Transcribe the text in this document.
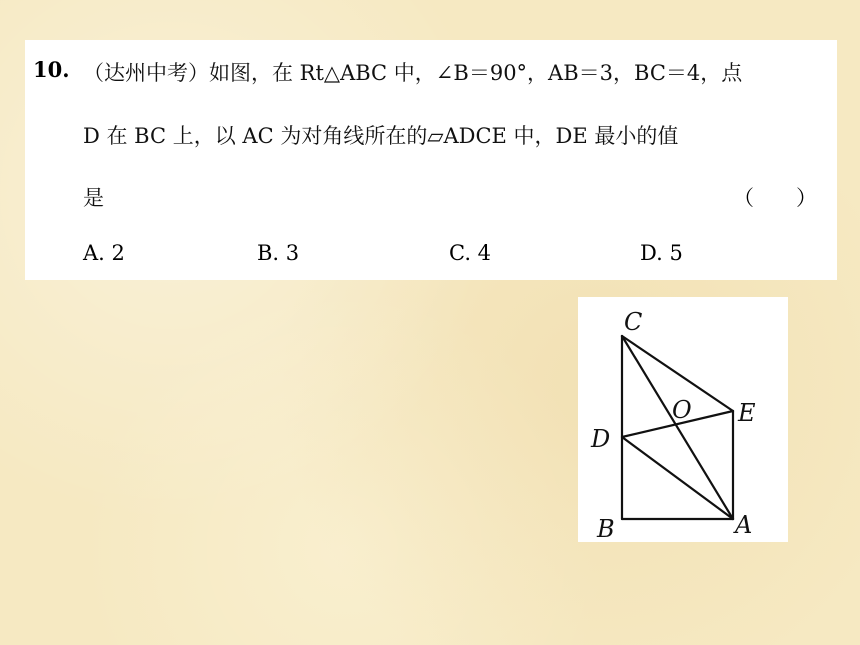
10. （达州中考）如图，在 Rt△ABC 中，∠B＝90°，AB＝3，BC＝4，点
D 在 BC 上，以 AC 为对角线所在的▱ADCE 中，DE 最小的值
是	（　　）
A. 2	B. 3	C. 4	D. 5
C
O E
D
B	A
